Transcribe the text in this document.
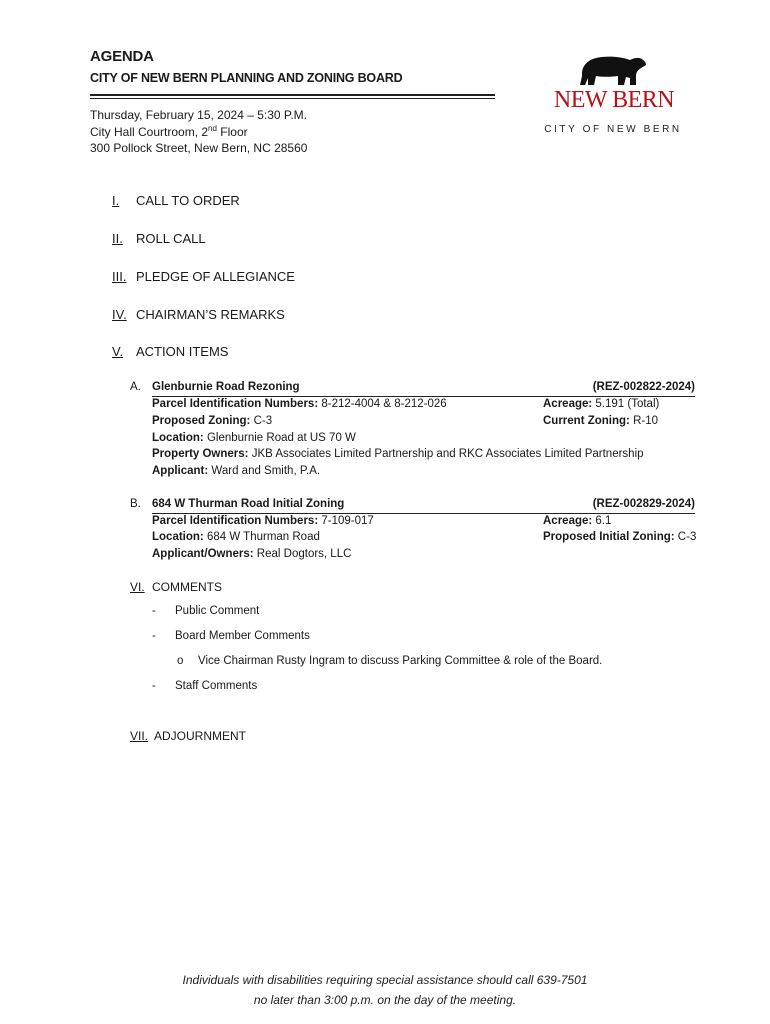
AGENDA
CITY OF NEW BERN PLANNING AND ZONING BOARD
Thursday, February 15, 2024 – 5:30 P.M.
City Hall Courtroom, 2nd Floor
300 Pollock Street, New Bern, NC 28560
NEW BERN
CITY OF NEW BERN
I. CALL TO ORDER
II. ROLL CALL
III. PLEDGE OF ALLEGIANCE
IV. CHAIRMAN’S REMARKS
V. ACTION ITEMS
A. Glenburnie Road Rezoning	(REZ-002822-2024)
Parcel Identification Numbers: 8-212-4004 & 8-212-026	Acreage: 5.191 (Total)
Proposed Zoning: C-3	Current Zoning: R-10
Location: Glenburnie Road at US 70 W
Property Owners: JKB Associates Limited Partnership and RKC Associates Limited Partnership
Applicant: Ward and Smith, P.A.
B. 684 W Thurman Road Initial Zoning	(REZ-002829-2024)
Parcel Identification Numbers: 7-109-017	Acreage: 6.1
Location: 684 W Thurman Road	Proposed Initial Zoning: C-3
Applicant/Owners: Real Dogtors, LLC
VI. COMMENTS
- Public Comment
- Board Member Comments
o Vice Chairman Rusty Ingram to discuss Parking Committee & role of the Board.
- Staff Comments
VII. ADJOURNMENT
Individuals with disabilities requiring special assistance should call 639-7501
no later than 3:00 p.m. on the day of the meeting.
